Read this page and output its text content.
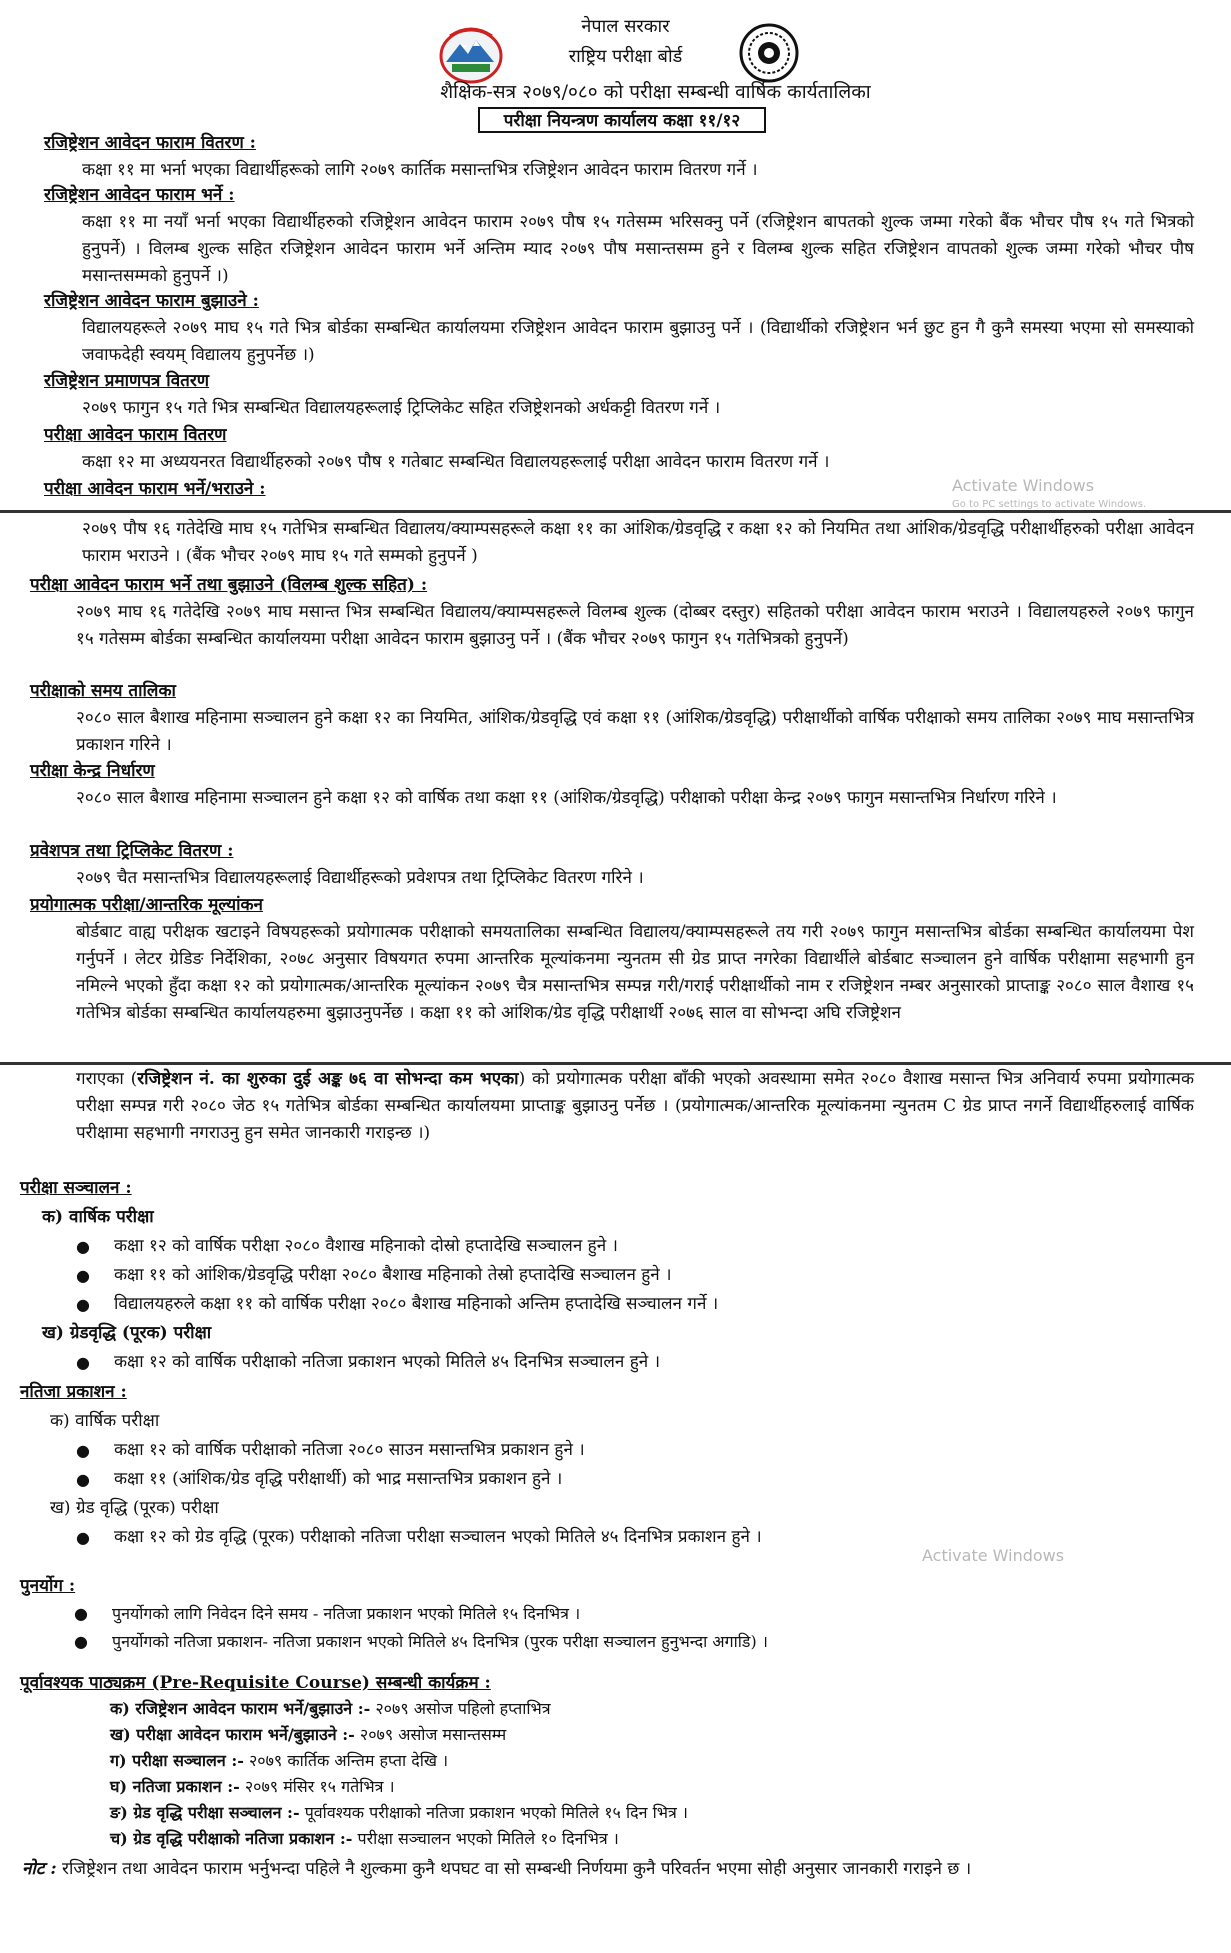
नेपाल सरकार
राष्ट्रिय परीक्षा बोर्ड
शैक्षिक-सत्र २०७९/०८० को परीक्षा सम्बन्धी वार्षिक कार्यतालिका
परीक्षा नियन्त्रण कार्यालय कक्षा ११/१२
रजिष्ट्रेशन आवेदन फाराम वितरण :
कक्षा ११ मा भर्ना भएका विद्यार्थीहरूको लागि २०७९ कार्तिक मसान्तभित्र रजिष्ट्रेशन आवेदन फाराम वितरण गर्ने ।
रजिष्ट्रेशन आवेदन फाराम भर्ने :
कक्षा ११ मा नयाँ भर्ना भएका विद्यार्थीहरुको रजिष्ट्रेशन आवेदन फाराम २०७९ पौष १५ गतेसम्म भरिसक्नु पर्ने (रजिष्ट्रेशन बापतको शुल्क जम्मा गरेको बैंक भौचर पौष १५ गते भित्रको हुनुपर्ने) । विलम्ब शुल्क सहित रजिष्ट्रेशन आवेदन फाराम भर्ने अन्तिम म्याद २०७९ पौष मसान्तसम्म हुने र विलम्ब शुल्क सहित रजिष्ट्रेशन वापतको शुल्क जम्मा गरेको भौचर पौष मसान्तसम्मको हुनुपर्ने ।)
रजिष्ट्रेशन आवेदन फाराम बुझाउने :
विद्यालयहरूले २०७९ माघ १५ गते भित्र बोर्डका सम्बन्धित कार्यालयमा रजिष्ट्रेशन आवेदन फाराम बुझाउनु पर्ने । (विद्यार्थीको रजिष्ट्रेशन भर्न छुट हुन गै कुनै समस्या भएमा सो समस्याको जवाफदेही स्वयम् विद्यालय हुनुपर्नेछ ।)
रजिष्ट्रेशन प्रमाणपत्र वितरण
२०७९ फागुन १५ गते भित्र सम्बन्धित विद्यालयहरूलाई ट्रिप्लिकेट सहित रजिष्ट्रेशनको अर्धकट्टी वितरण गर्ने ।
परीक्षा आवेदन फाराम वितरण
कक्षा १२ मा अध्ययनरत विद्यार्थीहरुको २०७९ पौष १ गतेबाट सम्बन्धित विद्यालयहरूलाई परीक्षा आवेदन फाराम वितरण गर्ने ।
परीक्षा आवेदन फाराम भर्ने/भराउने :	Activate Windows
Go to PC settings to activate Windows.
२०७९ पौष १६ गतेदेखि माघ १५ गतेभित्र सम्बन्धित विद्यालय/क्याम्पसहरूले कक्षा ११ का आंशिक/ग्रेडवृद्धि र कक्षा १२ को नियमित तथा आंशिक/ग्रेडवृद्धि परीक्षार्थीहरुको परीक्षा आवेदन फाराम भराउने । (बैंक भौचर २०७९ माघ १५ गते सम्मको हुनुपर्ने )
परीक्षा आवेदन फाराम भर्ने तथा बुझाउने (विलम्ब शुल्क सहित) :
२०७९ माघ १६ गतेदेखि २०७९ माघ मसान्त भित्र सम्बन्धित विद्यालय/क्याम्पसहरूले विलम्ब शुल्क (दोब्बर दस्तुर) सहितको परीक्षा आवेदन फाराम भराउने । विद्यालयहरुले २०७९ फागुन १५ गतेसम्म बोर्डका सम्बन्धित कार्यालयमा परीक्षा आवेदन फाराम बुझाउनु पर्ने । (बैंक भौचर २०७९ फागुन १५ गतेभित्रको हुनुपर्ने)
परीक्षाको समय तालिका
२०८० साल बैशाख महिनामा सञ्चालन हुने कक्षा १२ का नियमित, आंशिक/ग्रेडवृद्धि एवं कक्षा ११ (आंशिक/ग्रेडवृद्धि) परीक्षार्थीको वार्षिक परीक्षाको समय तालिका २०७९ माघ मसान्तभित्र प्रकाशन गरिने ।
परीक्षा केन्द्र निर्धारण
२०८० साल बैशाख महिनामा सञ्चालन हुने कक्षा १२ को वार्षिक तथा कक्षा ११ (आंशिक/ग्रेडवृद्धि) परीक्षाको परीक्षा केन्द्र २०७९ फागुन मसान्तभित्र निर्धारण गरिने ।
प्रवेशपत्र तथा ट्रिप्लिकेट वितरण :
२०७९ चैत मसान्तभित्र विद्यालयहरूलाई विद्यार्थीहरूको प्रवेशपत्र तथा ट्रिप्लिकेट वितरण गरिने ।
प्रयोगात्मक परीक्षा/आन्तरिक मूल्यांकन
बोर्डबाट वाह्य परीक्षक खटाइने विषयहरूको प्रयोगात्मक परीक्षाको समयतालिका सम्बन्धित विद्यालय/क्याम्पसहरूले तय गरी २०७९ फागुन मसान्तभित्र बोर्डका सम्बन्धित कार्यालयमा पेश गर्नुपर्ने । लेटर ग्रेडिङ निर्देशिका, २०७८ अनुसार विषयगत रुपमा आन्तरिक मूल्यांकनमा न्युनतम सी ग्रेड प्राप्त नगरेका विद्यार्थीले बोर्डबाट सञ्चालन हुने वार्षिक परीक्षामा सहभागी हुन नमिल्ने भएको हुँदा कक्षा १२ को प्रयोगात्मक/आन्तरिक मूल्यांकन २०७९ चैत्र मसान्तभित्र सम्पन्न गरी/गराई परीक्षार्थीको नाम र रजिष्ट्रेशन नम्बर अनुसारको प्राप्ताङ्क २०८० साल वैशाख १५ गतेभित्र बोर्डका सम्बन्धित कार्यालयहरुमा बुझाउनुपर्नेछ । कक्षा ११ को आंशिक/ग्रेड वृद्धि परीक्षार्थी २०७६ साल वा सोभन्दा अघि रजिष्ट्रेशन
गराएका (रजिष्ट्रेशन नं. का शुरुका दुई अङ्क ७६ वा सोभन्दा कम भएका) को प्रयोगात्मक परीक्षा बाँकी भएको अवस्थामा समेत २०८० वैशाख मसान्त भित्र अनिवार्य रुपमा प्रयोगात्मक परीक्षा सम्पन्न गरी २०८० जेठ १५ गतेभित्र बोर्डका सम्बन्धित कार्यालयमा प्राप्ताङ्क बुझाउनु पर्नेछ । (प्रयोगात्मक/आन्तरिक मूल्यांकनमा न्युनतम C ग्रेड प्राप्त नगर्ने विद्यार्थीहरुलाई वार्षिक परीक्षामा सहभागी नगराउनु हुन समेत जानकारी गराइन्छ ।)
परीक्षा सञ्चालन :
क) वार्षिक परीक्षा
● कक्षा १२ को वार्षिक परीक्षा २०८० वैशाख महिनाको दोस्रो हप्तादेखि सञ्चालन हुने ।
● कक्षा ११ को आंशिक/ग्रेडवृद्धि परीक्षा २०८० बैशाख महिनाको तेस्रो हप्तादेखि सञ्चालन हुने ।
● विद्यालयहरुले कक्षा ११ को वार्षिक परीक्षा २०८० बैशाख महिनाको अन्तिम हप्तादेखि सञ्चालन गर्ने ।
ख) ग्रेडवृद्धि (पूरक) परीक्षा
● कक्षा १२ को वार्षिक परीक्षाको नतिजा प्रकाशन भएको मितिले ४५ दिनभित्र सञ्चालन हुने ।
नतिजा प्रकाशन :
क) वार्षिक परीक्षा
● कक्षा १२ को वार्षिक परीक्षाको नतिजा २०८० साउन मसान्तभित्र प्रकाशन हुने ।
● कक्षा ११ (आंशिक/ग्रेड वृद्धि परीक्षार्थी) को भाद्र मसान्तभित्र प्रकाशन हुने ।
ख) ग्रेड वृद्धि (पूरक) परीक्षा
● कक्षा १२ को ग्रेड वृद्धि (पूरक) परीक्षाको नतिजा परीक्षा सञ्चालन भएको मितिले ४५ दिनभित्र प्रकाशन हुने ।
Activate Windows
पुनर्योग :
● पुनर्योगको लागि निवेदन दिने समय - नतिजा प्रकाशन भएको मितिले १५ दिनभित्र ।
● पुनर्योगको नतिजा प्रकाशन- नतिजा प्रकाशन भएको मितिले ४५ दिनभित्र (पुरक परीक्षा सञ्चालन हुनुभन्दा अगाडि) ।
पूर्वावश्यक पाठ्यक्रम (Pre-Requisite Course) सम्बन्धी कार्यक्रम :
क) रजिष्ट्रेशन आवेदन फाराम भर्ने/बुझाउने :- २०७९ असोज पहिलो हप्ताभित्र
ख) परीक्षा आवेदन फाराम भर्ने/बुझाउने :- २०७९ असोज मसान्तसम्म
ग) परीक्षा सञ्चालन :- २०७९ कार्तिक अन्तिम हप्ता देखि ।
घ) नतिजा प्रकाशन :- २०७९ मंसिर १५ गतेभित्र ।
ङ) ग्रेड वृद्धि परीक्षा सञ्चालन :- पूर्वावश्यक परीक्षाको नतिजा प्रकाशन भएको मितिले १५ दिन भित्र ।
च) ग्रेड वृद्धि परीक्षाको नतिजा प्रकाशन :- परीक्षा सञ्चालन भएको मितिले १० दिनभित्र ।
नोट : रजिष्ट्रेशन तथा आवेदन फाराम भर्नुभन्दा पहिले नै शुल्कमा कुनै थपघट वा सो सम्बन्धी निर्णयमा कुनै परिवर्तन भएमा सोही अनुसार जानकारी गराइने छ ।
